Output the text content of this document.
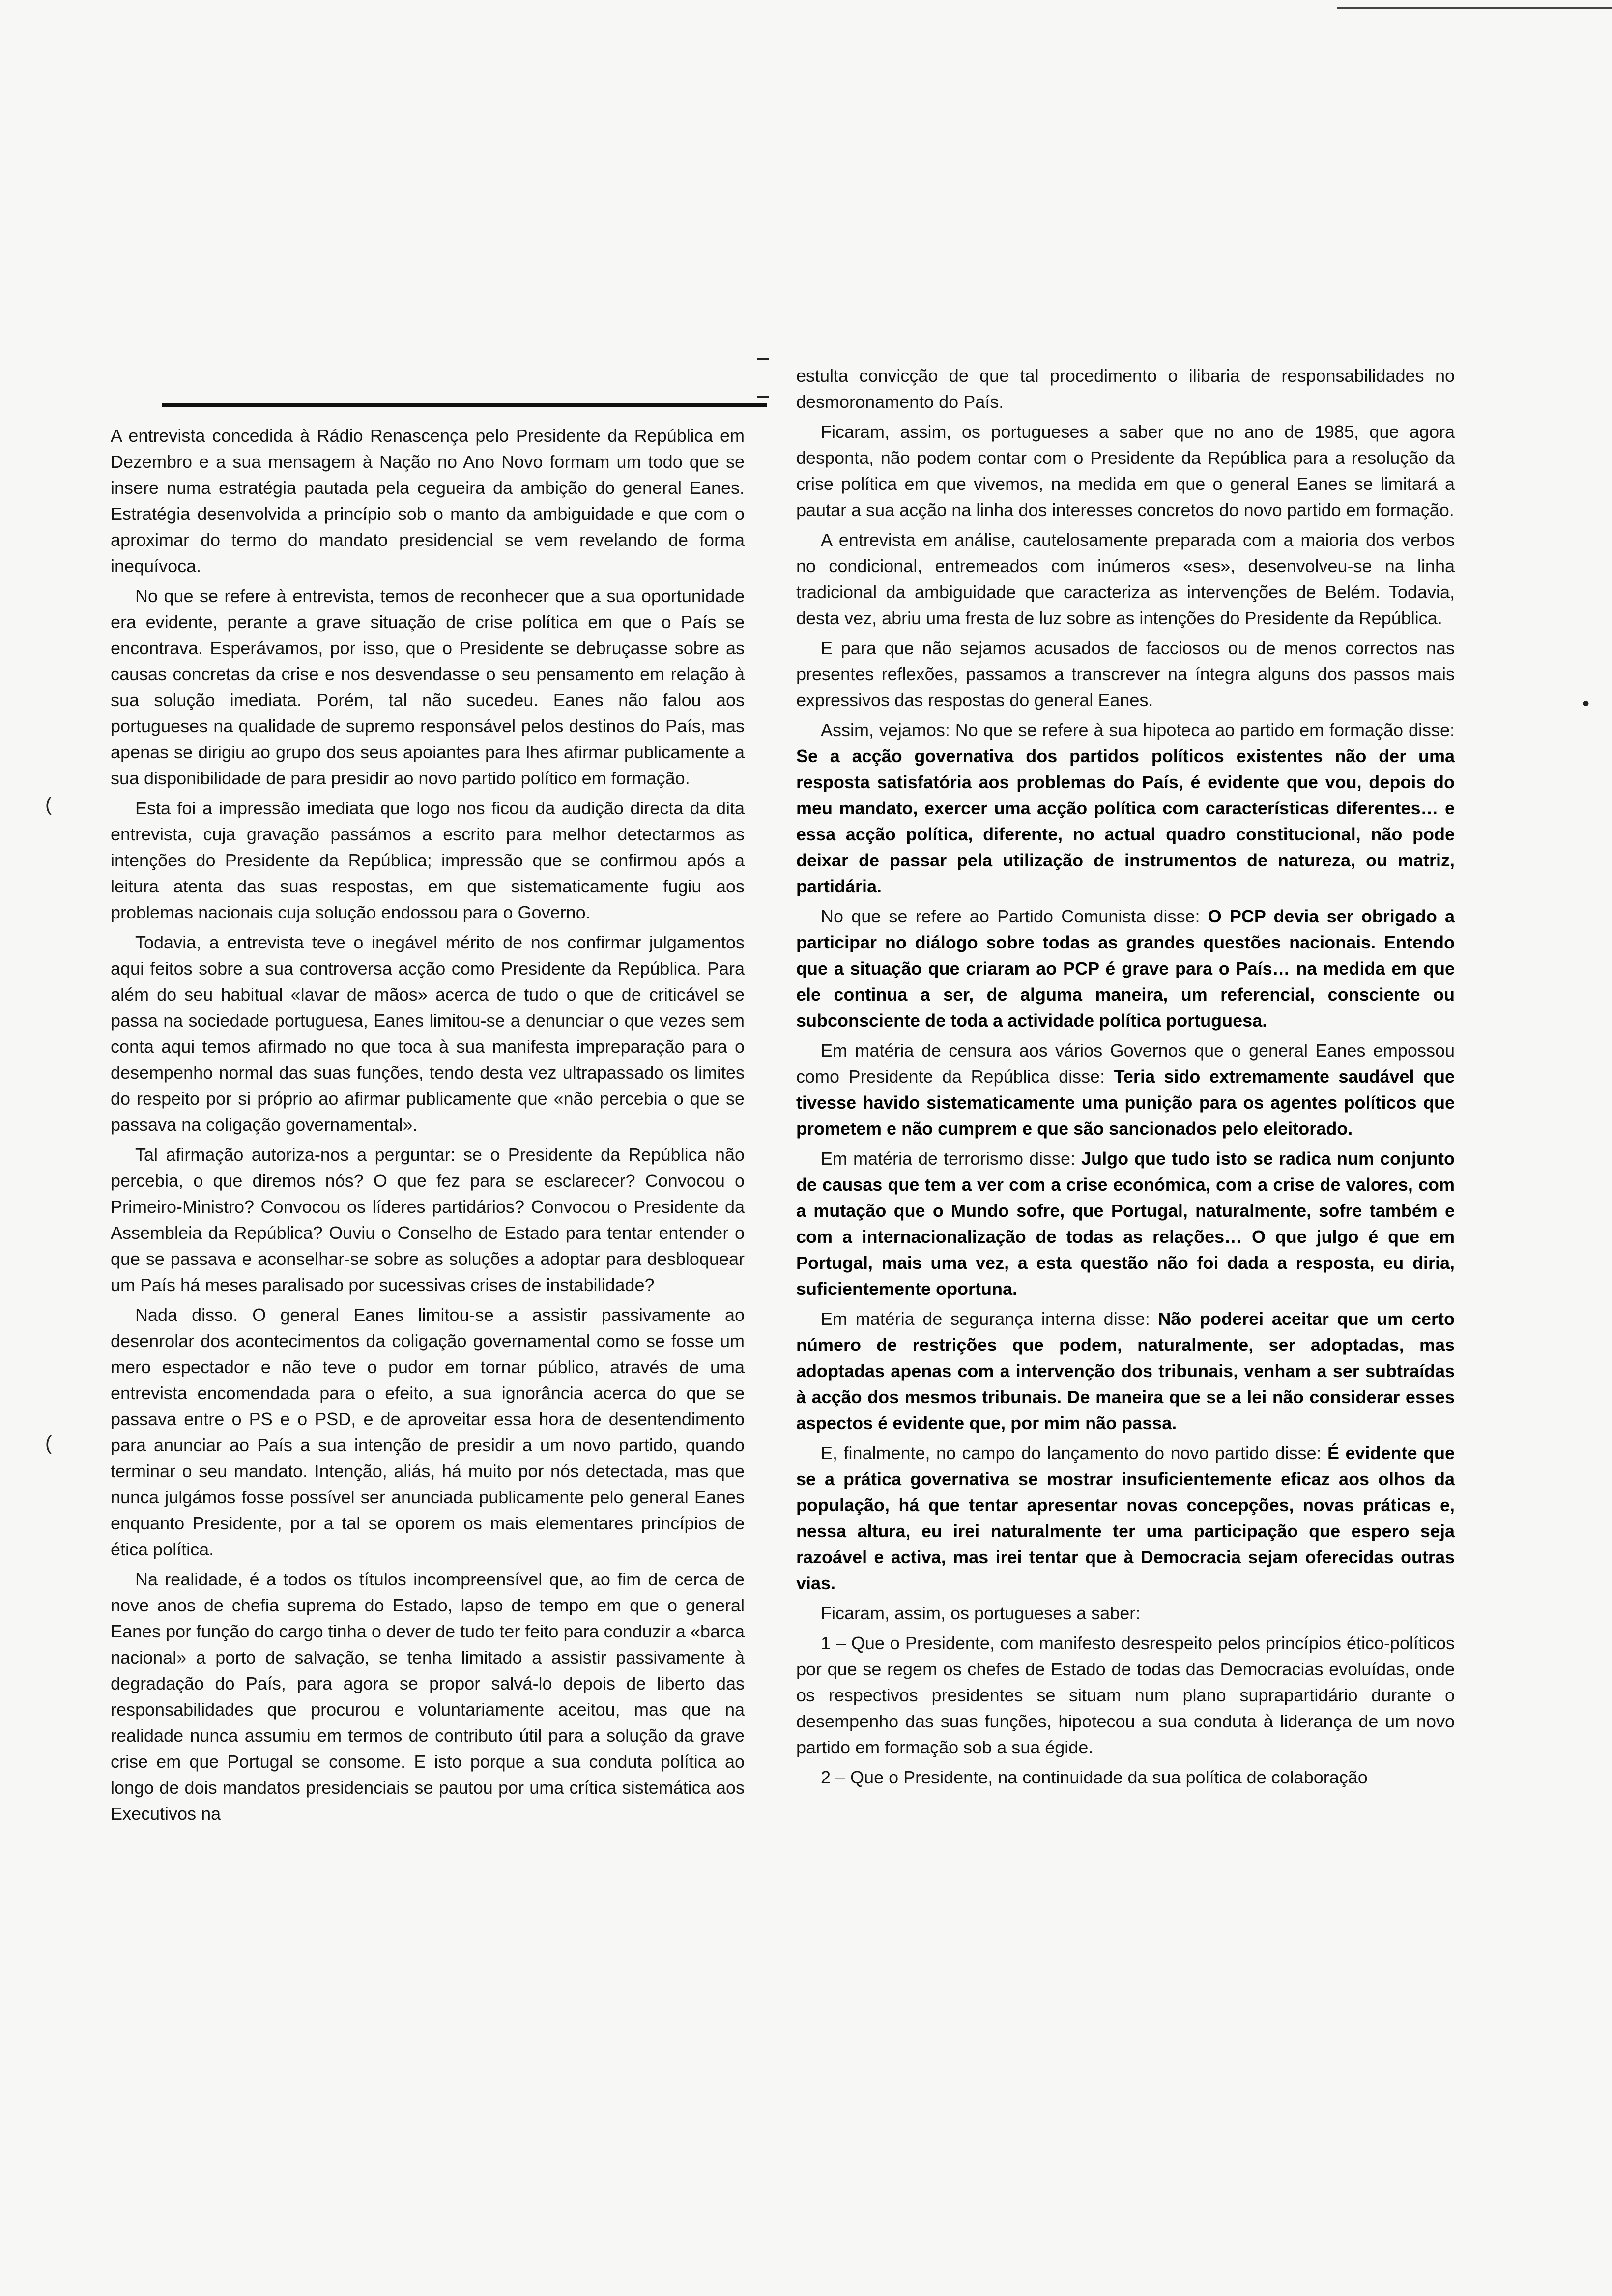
(
(
•

A entrevista concedida à Rádio Renascença pelo Presidente da República em Dezembro e a sua mensagem à Nação no Ano Novo formam um todo que se insere numa estratégia pautada pela cegueira da ambição do general Eanes. Estratégia desenvolvida a princípio sob o manto da ambiguidade e que com o aproximar do termo do mandato presidencial se vem revelando de forma inequívoca.

No que se refere à entrevista, temos de reconhecer que a sua oportunidade era evidente, perante a grave situação de crise política em que o País se encontrava. Esperávamos, por isso, que o Presidente se debruçasse sobre as causas concretas da crise e nos desvendasse o seu pensamento em relação à sua solução imediata. Porém, tal não sucedeu. Eanes não falou aos portugueses na qualidade de supremo responsável pelos destinos do País, mas apenas se dirigiu ao grupo dos seus apoiantes para lhes afirmar publicamente a sua disponibilidade de para presidir ao novo partido político em formação.

Esta foi a impressão imediata que logo nos ficou da audição directa da dita entrevista, cuja gravação passámos a escrito para melhor detectarmos as intenções do Presidente da República; impressão que se confirmou após a leitura atenta das suas respostas, em que sistematicamente fugiu aos problemas nacionais cuja solução endossou para o Governo.

Todavia, a entrevista teve o inegável mérito de nos confirmar julgamentos aqui feitos sobre a sua controversa acção como Presidente da República. Para além do seu habitual «lavar de mãos» acerca de tudo o que de criticável se passa na sociedade portuguesa, Eanes limitou-se a denunciar o que vezes sem conta aqui temos afirmado no que toca à sua manifesta impreparação para o desempenho normal das suas funções, tendo desta vez ultrapassado os limites do respeito por si próprio ao afirmar publicamente que «não percebia o que se passava na coligação governamental».

Tal afirmação autoriza-nos a perguntar: se o Presidente da República não percebia, o que diremos nós? O que fez para se esclarecer? Convocou o Primeiro-Ministro? Convocou os líderes partidários? Convocou o Presidente da Assembleia da República? Ouviu o Conselho de Estado para tentar entender o que se passava e aconselhar-se sobre as soluções a adoptar para desbloquear um País há meses paralisado por sucessivas crises de instabilidade?

Nada disso. O general Eanes limitou-se a assistir passivamente ao desenrolar dos acontecimentos da coligação governamental como se fosse um mero espectador e não teve o pudor em tornar público, através de uma entrevista encomendada para o efeito, a sua ignorância acerca do que se passava entre o PS e o PSD, e de aproveitar essa hora de desentendimento para anunciar ao País a sua intenção de presidir a um novo partido, quando terminar o seu mandato. Intenção, aliás, há muito por nós detectada, mas que nunca julgámos fosse possível ser anunciada publicamente pelo general Eanes enquanto Presidente, por a tal se oporem os mais elementares princípios de ética política.

Na realidade, é a todos os títulos incompreensível que, ao fim de cerca de nove anos de chefia suprema do Estado, lapso de tempo em que o general Eanes por função do cargo tinha o dever de tudo ter feito para conduzir a «barca nacional» a porto de salvação, se tenha limitado a assistir passivamente à degradação do País, para agora se propor salvá-lo depois de liberto das responsabilidades que procurou e voluntariamente aceitou, mas que na realidade nunca assumiu em termos de contributo útil para a solução da grave crise em que Portugal se consome. E isto porque a sua conduta política ao longo de dois mandatos presidenciais se pautou por uma crítica sistemática aos Executivos na

estulta convicção de que tal procedimento o ilibaria de responsabilidades no desmoronamento do País.

Ficaram, assim, os portugueses a saber que no ano de 1985, que agora desponta, não podem contar com o Presidente da República para a resolução da crise política em que vivemos, na medida em que o general Eanes se limitará a pautar a sua acção na linha dos interesses concretos do novo partido em formação.

A entrevista em análise, cautelosamente preparada com a maioria dos verbos no condicional, entremeados com inúmeros «ses», desenvolveu-se na linha tradicional da ambiguidade que caracteriza as intervenções de Belém. Todavia, desta vez, abriu uma fresta de luz sobre as intenções do Presidente da República.

E para que não sejamos acusados de facciosos ou de menos correctos nas presentes reflexões, passamos a transcrever na íntegra alguns dos passos mais expressivos das respostas do general Eanes.

Assim, vejamos: No que se refere à sua hipoteca ao partido em formação disse: Se a acção governativa dos partidos políticos existentes não der uma resposta satisfatória aos problemas do País, é evidente que vou, depois do meu mandato, exercer uma acção política com características diferentes… e essa acção política, diferente, no actual quadro constitucional, não pode deixar de passar pela utilização de instrumentos de natureza, ou matriz, partidária.

No que se refere ao Partido Comunista disse: O PCP devia ser obrigado a participar no diálogo sobre todas as grandes questões nacionais. Entendo que a situação que criaram ao PCP é grave para o País… na medida em que ele continua a ser, de alguma maneira, um referencial, consciente ou subconsciente de toda a actividade política portuguesa.

Em matéria de censura aos vários Governos que o general Eanes empossou como Presidente da República disse: Teria sido extremamente saudável que tivesse havido sistematicamente uma punição para os agentes políticos que prometem e não cumprem e que são sancionados pelo eleitorado.

Em matéria de terrorismo disse: Julgo que tudo isto se radica num conjunto de causas que tem a ver com a crise económica, com a crise de valores, com a mutação que o Mundo sofre, que Portugal, naturalmente, sofre também e com a internacionalização de todas as relações… O que julgo é que em Portugal, mais uma vez, a esta questão não foi dada a resposta, eu diria, suficientemente oportuna.

Em matéria de segurança interna disse: Não poderei aceitar que um certo número de restrições que podem, naturalmente, ser adoptadas, mas adoptadas apenas com a intervenção dos tribunais, venham a ser subtraídas à acção dos mesmos tribunais. De maneira que se a lei não considerar esses aspectos é evidente que, por mim não passa.

E, finalmente, no campo do lançamento do novo partido disse: É evidente que se a prática governativa se mostrar insuficientemente eficaz aos olhos da população, há que tentar apresentar novas concepções, novas práticas e, nessa altura, eu irei naturalmente ter uma participação que espero seja razoável e activa, mas irei tentar que à Democracia sejam oferecidas outras vias.

Ficaram, assim, os portugueses a saber:

1 – Que o Presidente, com manifesto desrespeito pelos princípios ético-políticos por que se regem os chefes de Estado de todas das Democracias evoluídas, onde os respectivos presidentes se situam num plano suprapartidário durante o desempenho das suas funções, hipotecou a sua conduta à liderança de um novo partido em formação sob a sua égide.

2 – Que o Presidente, na continuidade da sua política de colaboração
